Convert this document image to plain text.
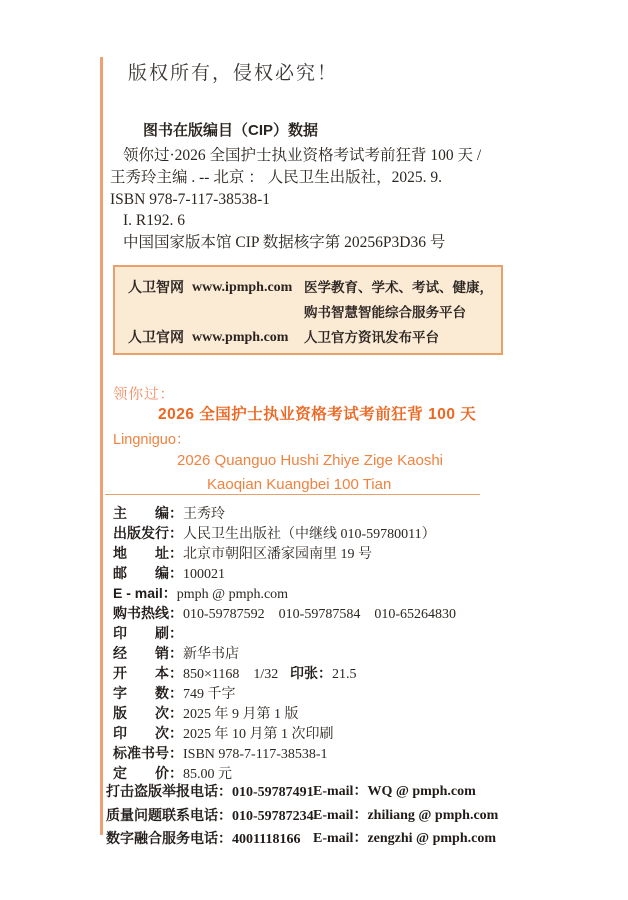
版权所有，侵权必究！
图书在版编目（CIP）数据
领你过·2026 全国护士执业资格考试考前狂背 100 天 /
王秀玲主编 . -- 北京 ： 人民卫生出版社，2025. 9.
ISBN 978-7-117-38538-1
I. R192. 6
中国国家版本馆 CIP 数据核字第 20256P3D36 号
人卫智网 www.ipmph.com 医学教育、学术、考试、健康，
购书智慧智能综合服务平台
人卫官网 www.pmph.com	人卫官方资讯发布平台
领你过：
2026 全国护士执业资格考试考前狂背 100 天
Lingniguo：
2026 Quanguo Hushi Zhiye Zige Kaoshi
Kaoqian Kuangbei 100 Tian
主　　编：王秀玲
出版发行：人民卫生出版社（中继线 010-59780011）
地　　址：北京市朝阳区潘家园南里 19 号
邮　　编：100021
E - mail：pmph @ pmph.com
购书热线：010-59787592　010-59787584　010-65264830
印　　刷：
经　　销：新华书店
开　　本：850×1168　1/32 印张：21.5
字　　数：749 千字
版　　次：2025 年 9 月第 1 版
印　　次：2025 年 10 月第 1 次印刷
标准书号：ISBN 978-7-117-38538-1
定　　价：85.00 元
打击盗版举报电话：010-59787491 E-mail：WQ @ pmph.com
质量问题联系电话：010-59787234 E-mail：zhiliang @ pmph.com
数字融合服务电话：4001118166 E-mail：zengzhi @ pmph.com
